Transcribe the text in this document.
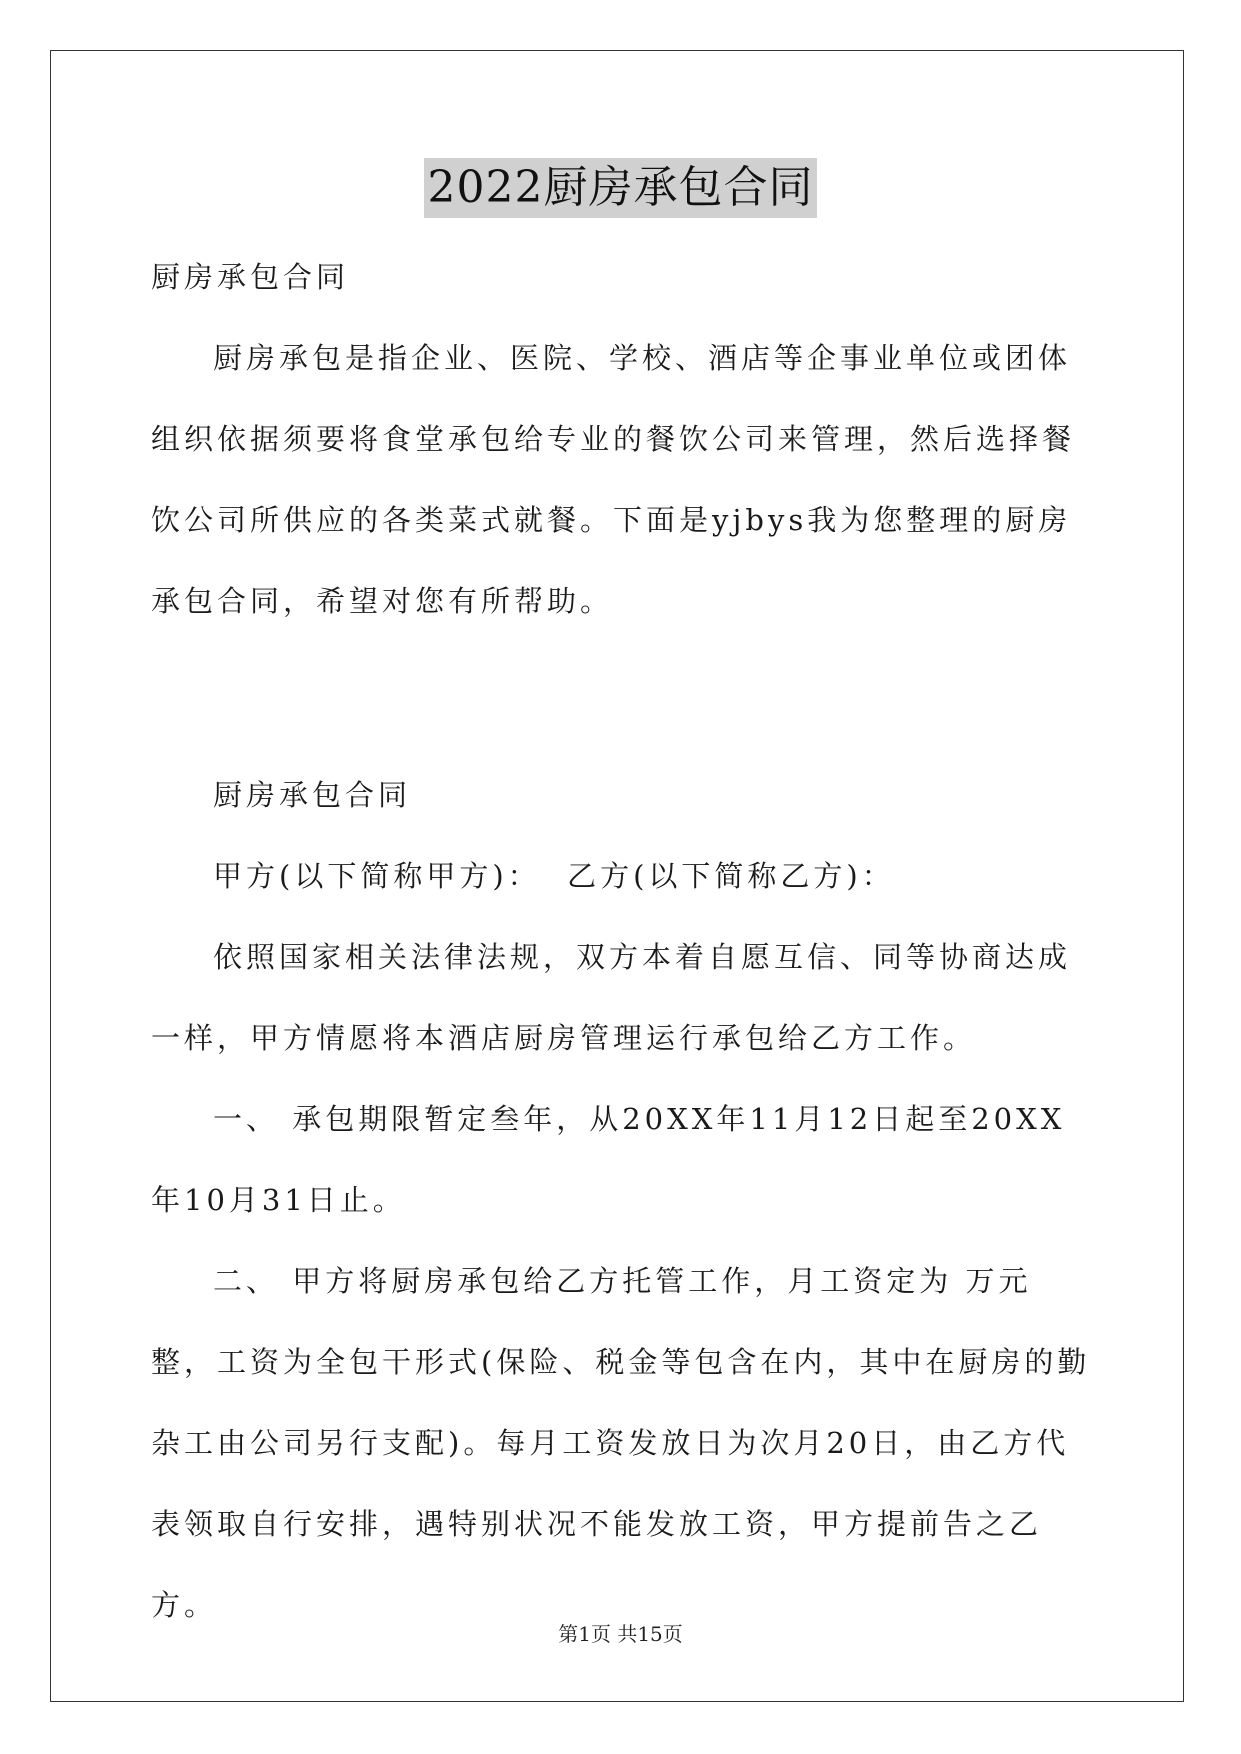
2022厨房承包合同

厨房承包合同

厨房承包是指企业、医院、学校、酒店等企事业单位或团体组织依据须要将食堂承包给专业的餐饮公司来管理，然后选择餐饮公司所供应的各类菜式就餐。下面是yjbys我为您整理的厨房承包合同，希望对您有所帮助。

厨房承包合同

甲方(以下简称甲方)：  乙方(以下简称乙方)：

依照国家相关法律法规，双方本着自愿互信、同等协商达成一样，甲方情愿将本酒店厨房管理运行承包给乙方工作。

一、 承包期限暂定叁年，从20XX年11月12日起至20XX年10月31日止。

二、 甲方将厨房承包给乙方托管工作，月工资定为 万元整，工资为全包干形式(保险、税金等包含在内，其中在厨房的勤杂工由公司另行支配)。每月工资发放日为次月20日，由乙方代表领取自行安排，遇特别状况不能发放工资，甲方提前告之乙方。

第1页 共15页
